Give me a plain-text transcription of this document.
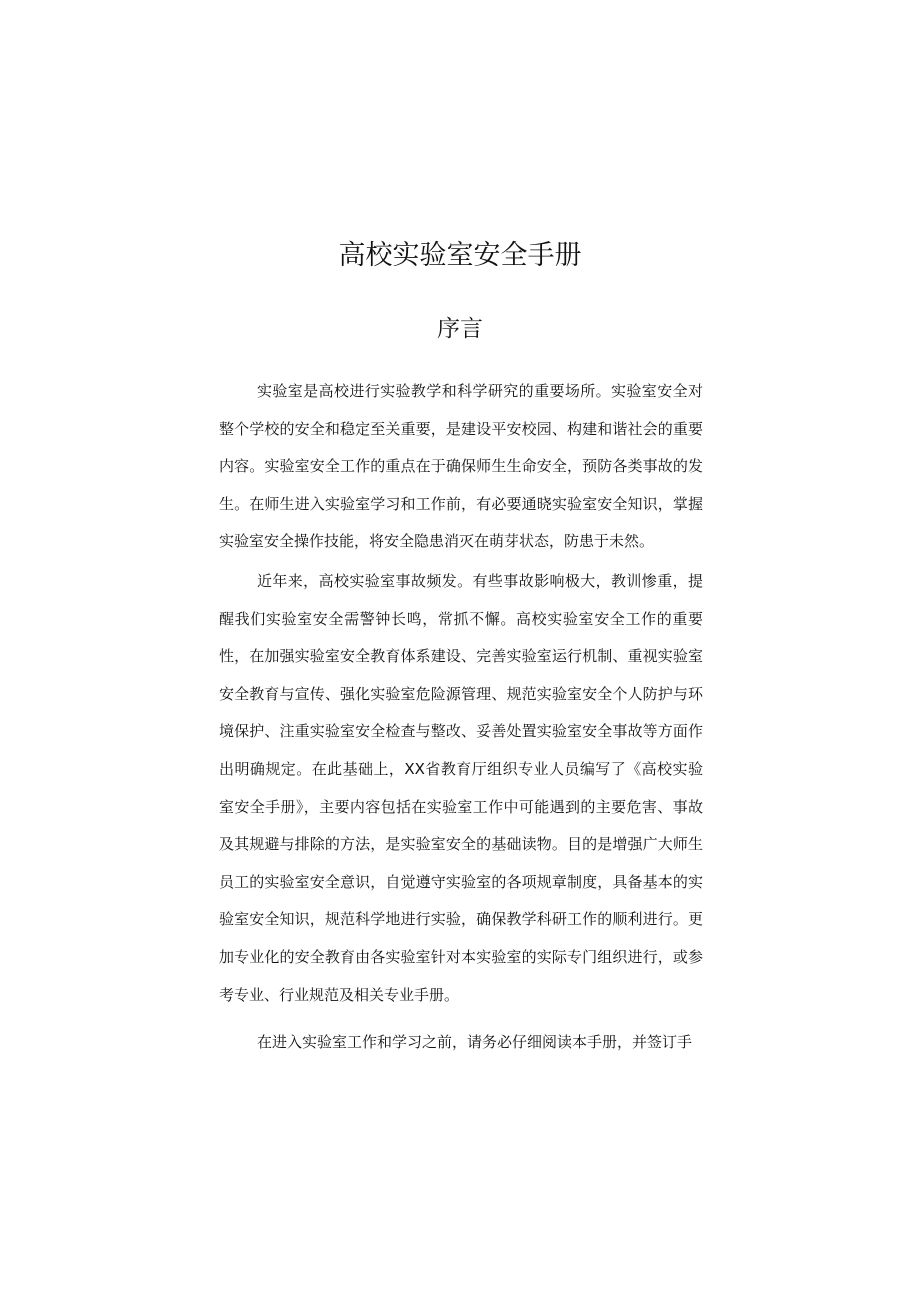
高校实验室安全手册
序言

实验室是高校进行实验教学和科学研究的重要场所。实验室安全对整个学校的安全和稳定至关重要，是建设平安校园、构建和谐社会的重要内容。实验室安全工作的重点在于确保师生生命安全，预防各类事故的发生。在师生进入实验室学习和工作前，有必要通晓实验室安全知识，掌握实验室安全操作技能，将安全隐患消灭在萌芽状态，防患于未然。

近年来，高校实验室事故频发。有些事故影响极大，教训惨重，提醒我们实验室安全需警钟长鸣，常抓不懈。高校实验室安全工作的重要性，在加强实验室安全教育体系建设、完善实验室运行机制、重视实验室安全教育与宣传、强化实验室危险源管理、规范实验室安全个人防护与环境保护、注重实验室安全检查与整改、妥善处置实验室安全事故等方面作出明确规定。在此基础上，XX省教育厅组织专业人员编写了《高校实验室安全手册》，主要内容包括在实验室工作中可能遇到的主要危害、事故及其规避与排除的方法，是实验室安全的基础读物。目的是增强广大师生员工的实验室安全意识，自觉遵守实验室的各项规章制度，具备基本的实验室安全知识，规范科学地进行实验，确保教学科研工作的顺利进行。更加专业化的安全教育由各实验室针对本实验室的实际专门组织进行，或参考专业、行业规范及相关专业手册。

在进入实验室工作和学习之前，请务必仔细阅读本手册，并签订手
